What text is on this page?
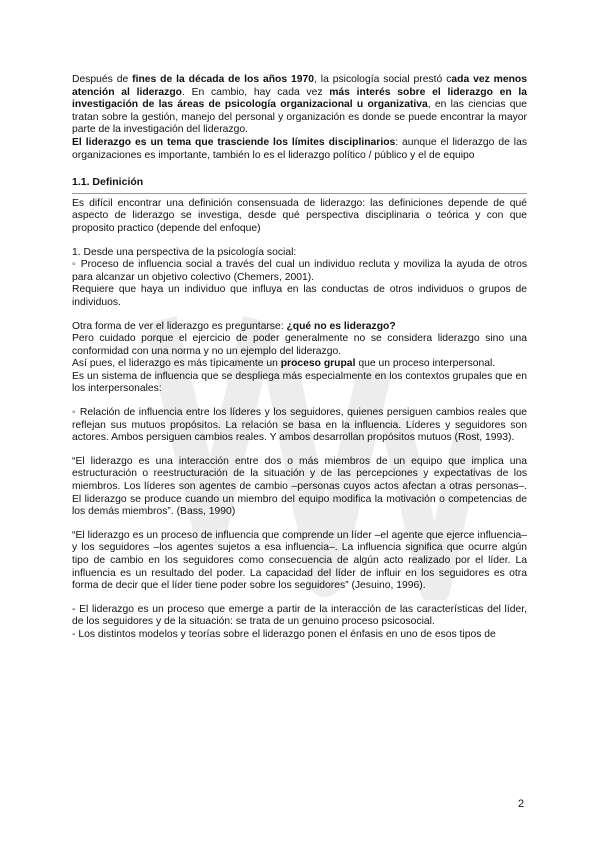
Después de fines de la década de los años 1970, la psicología social prestó cada vez menos atención al liderazgo. En cambio, hay cada vez más interés sobre el liderazgo en la investigación de las áreas de psicología organizacional u organizativa, en las ciencias que tratan sobre la gestión, manejo del personal y organización es donde se puede encontrar la mayor parte de la investigación del liderazgo.

El liderazgo es un tema que trasciende los límites disciplinarios: aunque el liderazgo de las organizaciones es importante, también lo es el liderazgo político / público y el de equipo

1.1. Definición

Es difícil encontrar una definición consensuada de liderazgo: las definiciones depende de qué aspecto de liderazgo se investiga, desde qué perspectiva disciplinaria o teórica y con que proposito practico (depende del enfoque)

1. Desde una perspectiva de la psicología social:

◦ Proceso de influencia social a través del cual un individuo recluta y moviliza la ayuda de otros para alcanzar un objetivo colectivo (Chemers, 2001).

Requiere que haya un individuo que influya en las conductas de otros individuos o grupos de individuos.

Otra forma de ver el liderazgo es preguntarse: ¿qué no es liderazgo?

Pero cuidado porque el ejercicio de poder generalmente no se considera liderazgo sino una conformidad con una norma y no un ejemplo del liderazgo.

Así pues, el liderazgo es más típicamente un proceso grupal que un proceso interpersonal.

Es un sistema de influencia que se despliega más especialmente en los contextos grupales que en los interpersonales:

◦ Relación de influencia entre los líderes y los seguidores, quienes persiguen cambios reales que reflejan sus mutuos propósitos. La relación se basa en la influencia. Líderes y seguidores son actores. Ambos persiguen cambios reales. Y ambos desarrollan propósitos mutuos (Rost, 1993).

“El liderazgo es una interacción entre dos o más miembros de un equipo que implica una estructuración o reestructuración de la situación y de las percepciones y expectativas de los miembros. Los líderes son agentes de cambio –personas cuyos actos afectan a otras personas–. El liderazgo se produce cuando un miembro del equipo modifica la motivación o competencias de los demás miembros”. (Bass, 1990)

“El liderazgo es un proceso de influencia que comprende un líder –el agente que ejerce influencia– y los seguidores –los agentes sujetos a esa influencia–. La influencia significa que ocurre algún tipo de cambio en los seguidores como consecuencia de algún acto realizado por el líder. La influencia es un resultado del poder. La capacidad del líder de influir en los seguidores es otra forma de decir que el líder tiene poder sobre los seguidores” (Jesuino, 1996).

- El liderazgo es un proceso que emerge a partir de la interacción de las características del líder, de los seguidores y de la situación: se trata de un genuino proceso psicosocial.

- Los distintos modelos y teorías sobre el liderazgo ponen el énfasis en uno de esos tipos de

2
